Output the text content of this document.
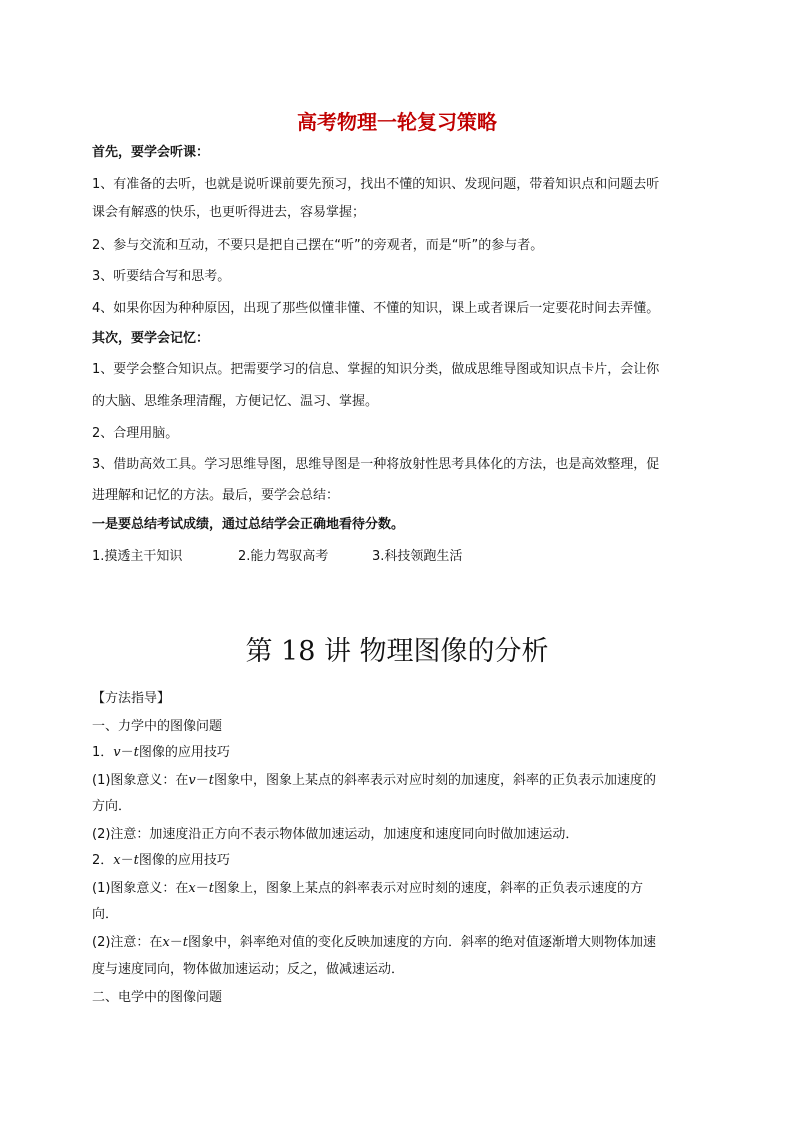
高考物理一轮复习策略
首先，要学会听课：
1、有准备的去听，也就是说听课前要先预习，找出不懂的知识、发现问题，带着知识点和问题去听
课会有解惑的快乐，也更听得进去，容易掌握；
2、参与交流和互动，不要只是把自己摆在“听”的旁观者，而是“听”的参与者。
3、听要结合写和思考。
4、如果你因为种种原因，出现了那些似懂非懂、不懂的知识，课上或者课后一定要花时间去弄懂。
其次，要学会记忆：
1、要学会整合知识点。把需要学习的信息、掌握的知识分类，做成思维导图或知识点卡片，会让你
的大脑、思维条理清醒，方便记忆、温习、掌握。
2、合理用脑。
3、借助高效工具。学习思维导图，思维导图是一种将放射性思考具体化的方法，也是高效整理，促
进理解和记忆的方法。最后，要学会总结：
一是要总结考试成绩，通过总结学会正确地看待分数。
1.摸透主干知识	2.能力驾驭高考	3.科技领跑生活
第 18 讲 物理图像的分析
【方法指导】
一、力学中的图像问题
1．v－t图像的应用技巧
(1)图象意义：在v－t图象中，图象上某点的斜率表示对应时刻的加速度，斜率的正负表示加速度的
方向．
(2)注意：加速度沿正方向不表示物体做加速运动，加速度和速度同向时做加速运动．
2．x－t图像的应用技巧
(1)图象意义：在x－t图象上，图象上某点的斜率表示对应时刻的速度，斜率的正负表示速度的方
向．
(2)注意：在x－t图象中，斜率绝对值的变化反映加速度的方向．斜率的绝对值逐渐增大则物体加速
度与速度同向，物体做加速运动；反之，做减速运动．
二、电学中的图像问题
